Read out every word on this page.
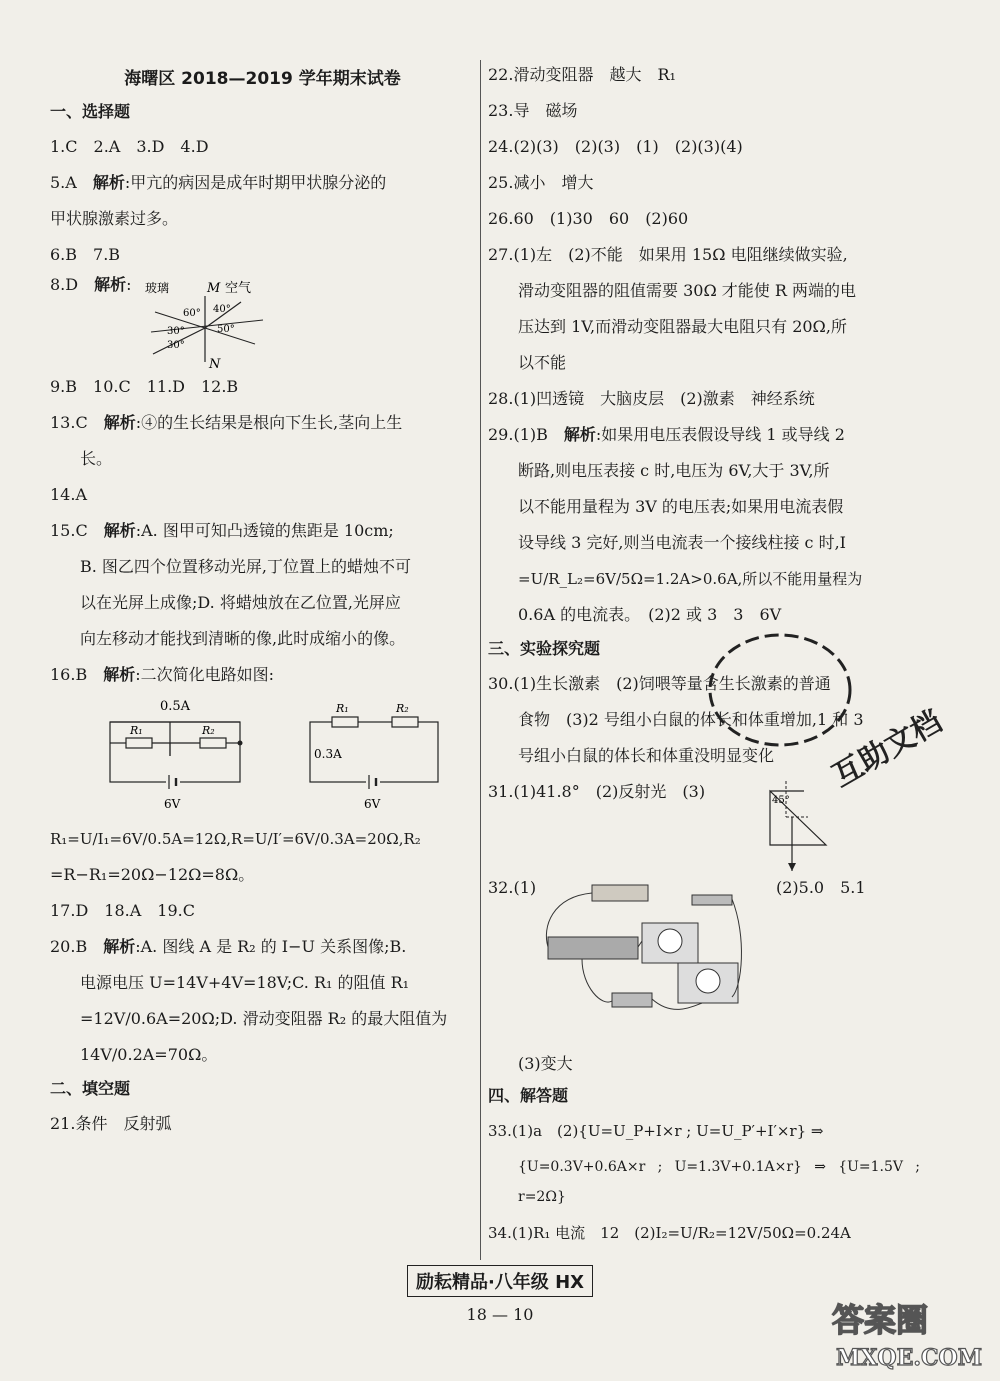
海曙区 2018—2019 学年期末试卷
一、选择题

1.C　2.A　3.D　4.D

5.A　解析:甲亢的病因是成年时期甲状腺分泌的

甲状腺激素过多。

6.B　7.B

8.D　解析: 玻璃	M 空气
60° 40°
30°	50°
30°
N

9.B　10.C　11.D　12.B

13.C　解析:④的生长结果是根向下生长,茎向上生

长。

14.A

15.C　解析:A. 图甲可知凸透镜的焦距是 10cm;

B. 图乙四个位置移动光屏,丁位置上的蜡烛不可

以在光屏上成像;D. 将蜡烛放在乙位置,光屏应

向左移动才能找到清晰的像,此时成缩小的像。

16.B　解析:二次简化电路如图:

0.5A
R₁	R₂
6V
R₁	R₂
0.3A
6V

R₁=U/I₁=6V/0.5A=12Ω,R=U/I′=6V/0.3A=20Ω,R₂

=R−R₁=20Ω−12Ω=8Ω。

17.D　18.A　19.C

20.B　解析:A. 图线 A 是 R₂ 的 I−U 关系图像;B.

电源电压 U=14V+4V=18V;C. R₁ 的阻值 R₁

=12V/0.6A=20Ω;D. 滑动变阻器 R₂ 的最大阻值为

14V/0.2A=70Ω。

二、填空题

21.条件　反射弧

22.滑动变阻器　越大　R₁

23.导　磁场

24.(2)(3)　(2)(3)　(1)　(2)(3)(4)

25.减小　增大

26.60　(1)30　60　(2)60

27.(1)左　(2)不能　如果用 15Ω 电阻继续做实验,

滑动变阻器的阻值需要 30Ω 才能使 R 两端的电

压达到 1V,而滑动变阻器最大电阻只有 20Ω,所

以不能

28.(1)凹透镜　大脑皮层　(2)激素　神经系统

29.(1)B　解析:如果用电压表假设导线 1 或导线 2

断路,则电压表接 c 时,电压为 6V,大于 3V,所

以不能用量程为 3V 的电压表;如果用电流表假

设导线 3 完好,则当电流表一个接线柱接 c 时,I

=U/R_L₂=6V/5Ω=1.2A>0.6A,所以不能用量程为

0.6A 的电流表。　(2)2 或 3　3　6V

三、实验探究题

30.(1)生长激素　(2)饲喂等量含生长激素的普通

食物　(3)2 号组小白鼠的体长和体重增加,1 和 3

号组小白鼠的体长和体重没明显变化

31.(1)41.8°　(2)反射光　(3)	45°

32.(1)	(2)5.0　5.1

(3)变大

四、解答题

33.(1)a　(2){U=U_P+I×r ; U=U_P′+I′×r} ⇒

{U=0.3V+0.6A×r ; U=1.3V+0.1A×r} ⇒ {U=1.5V ; r=2Ω}

34.(1)R₁ 电流　12　(2)I₂=U/R₂=12V/50Ω=0.24A

互助文档
励耘精品·八年级 HX
18 — 10	答案圈
MXQE.COM
